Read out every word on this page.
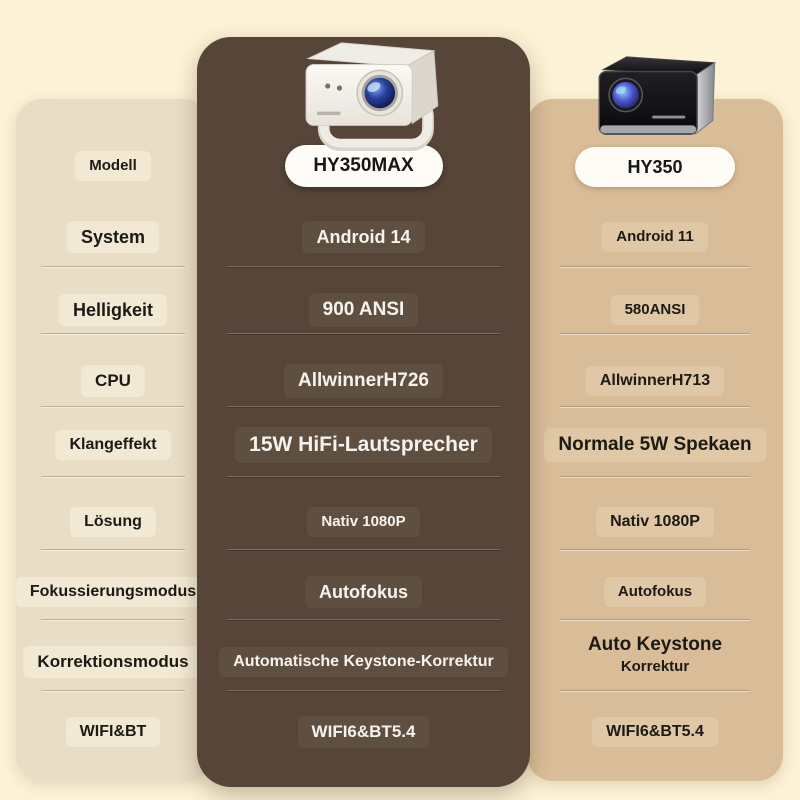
Modell
System
Helligkeit
CPU
Klangeffekt
Lösung
Fokussierungsmodus
Korrektionsmodus
WIFI&BT
HY350
Android 11
580ANSI
AllwinnerH713
Normale 5W Spekaen
Nativ 1080P
Autofokus
Auto Keystone
Korrektur
WIFI6&BT5.4
HY350MAX
Android 14
900 ANSI
AllwinnerH726
15W HiFi-Lautsprecher
Nativ 1080P
Autofokus
Automatische Keystone-Korrektur
WIFI6&BT5.4
